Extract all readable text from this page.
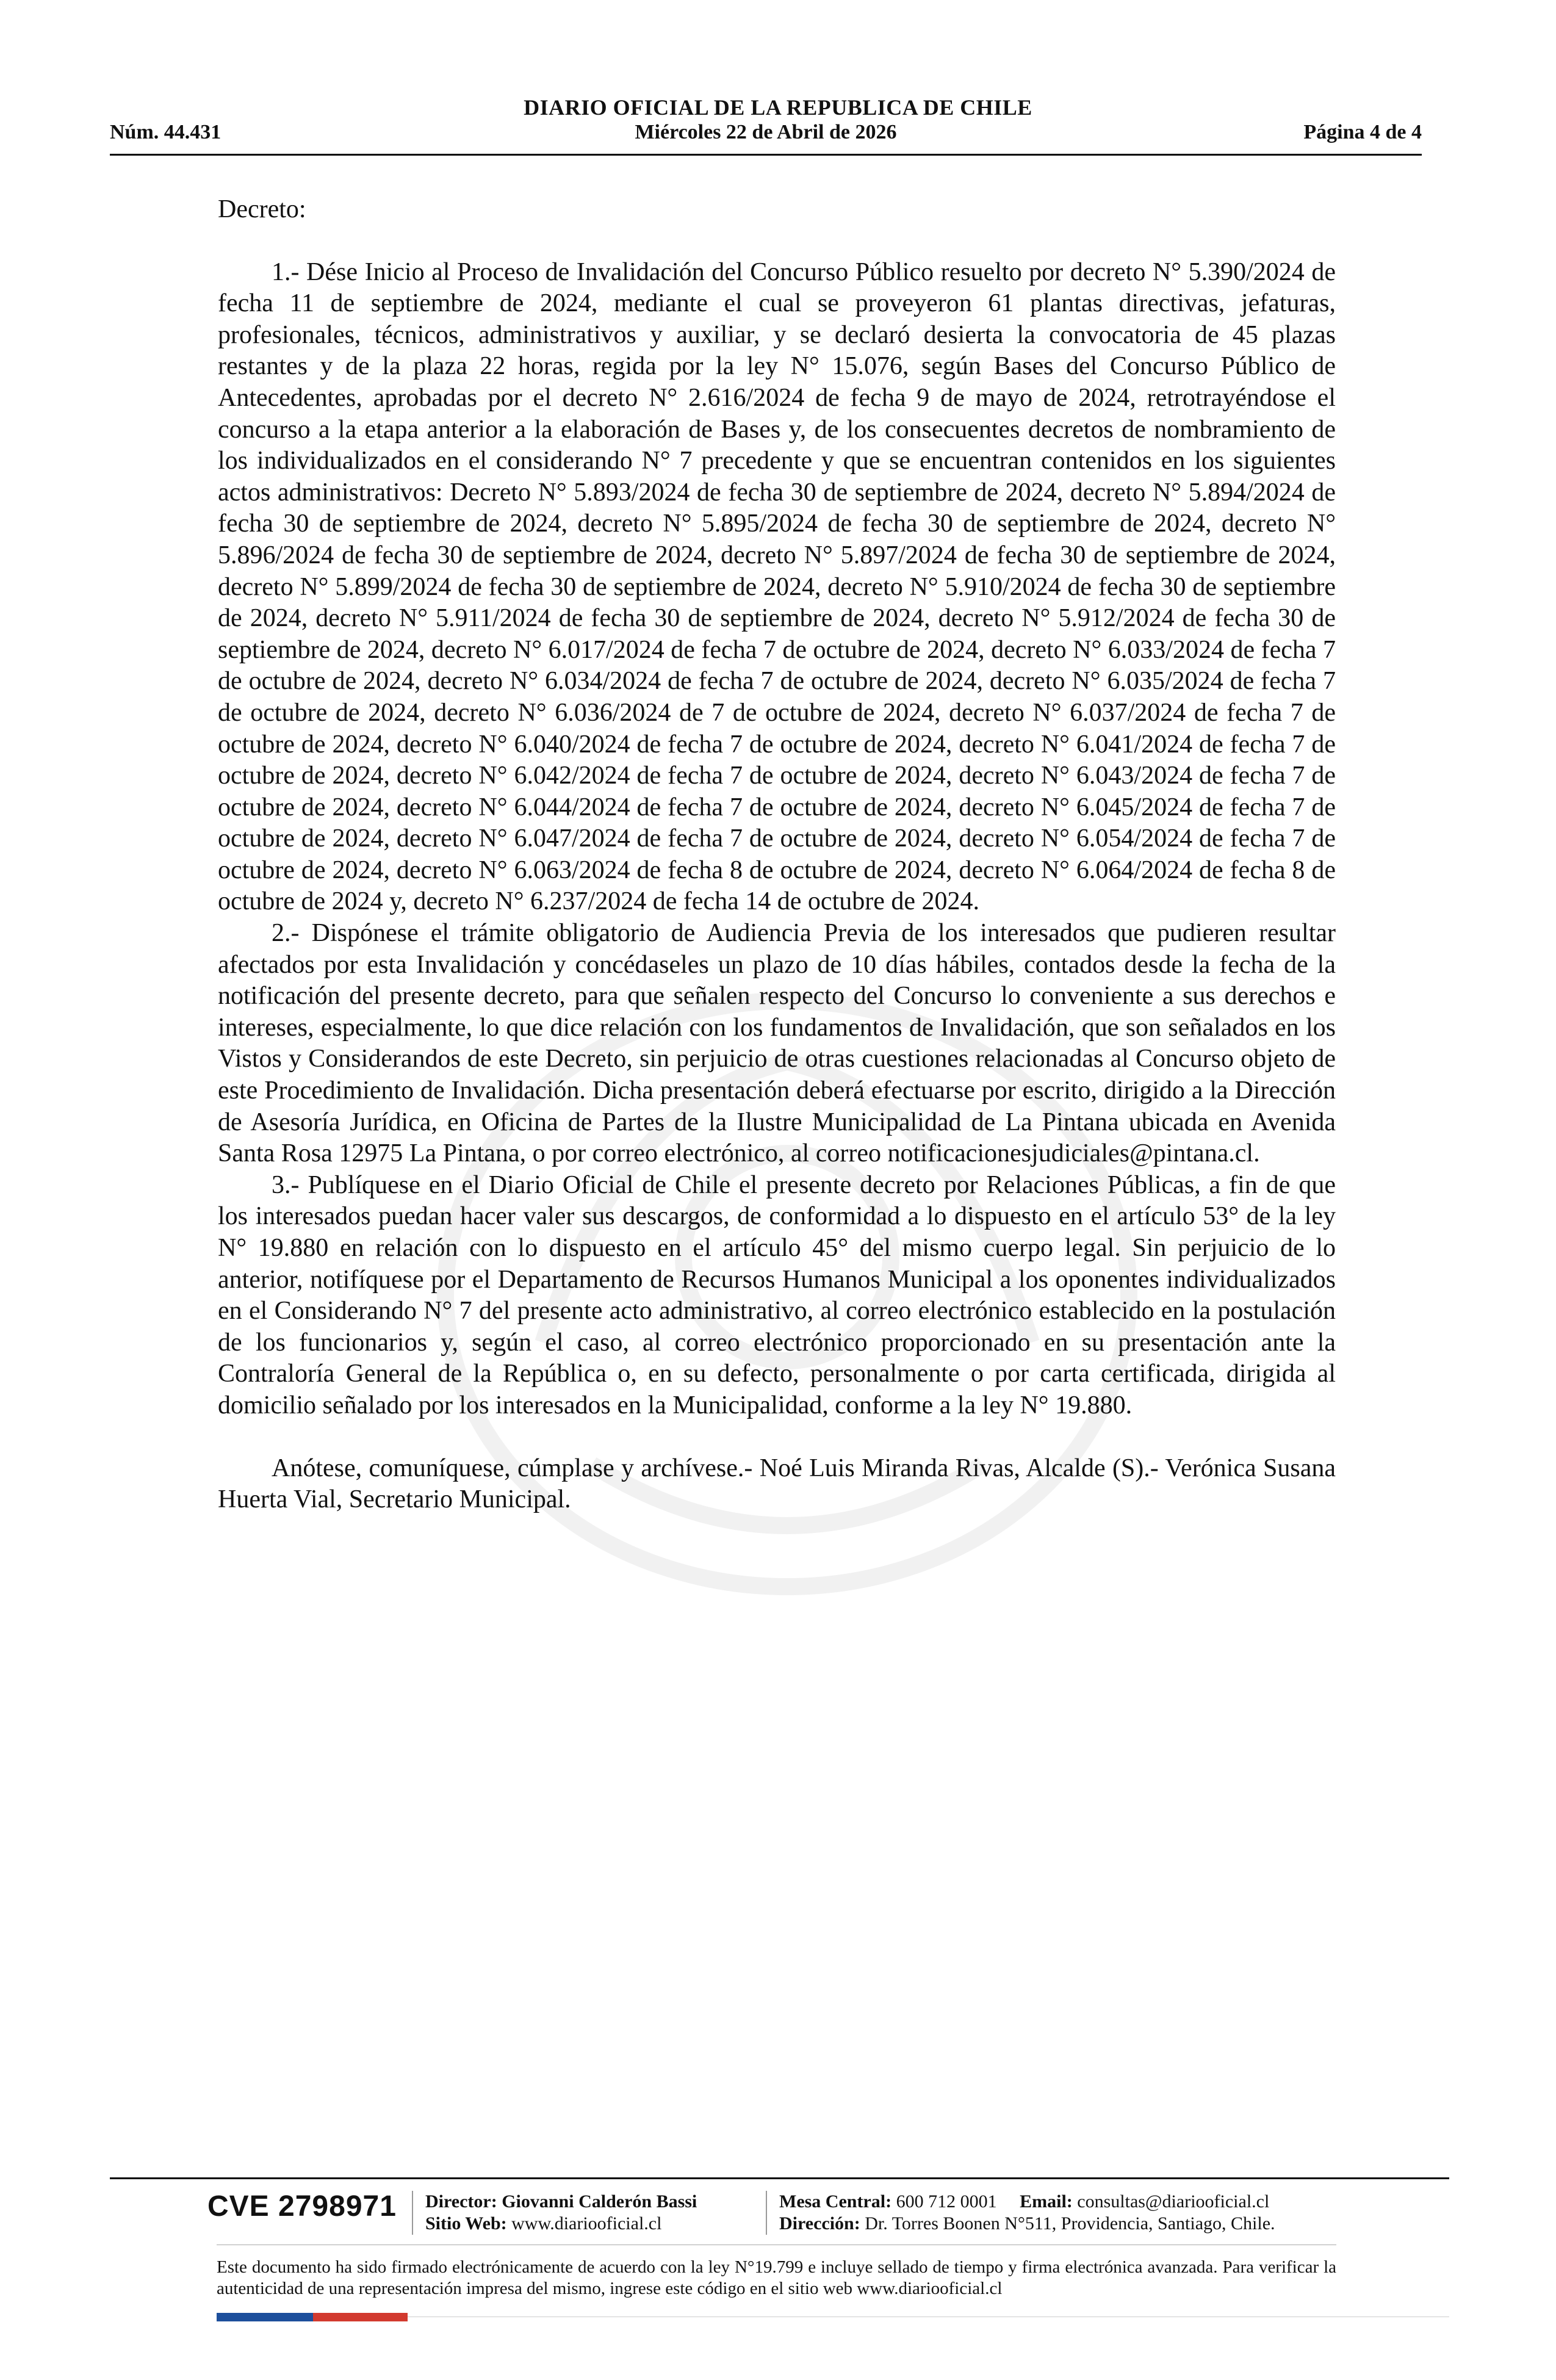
DIARIO OFICIAL DE LA REPUBLICA DE CHILE
Núm. 44.431	Miércoles 22 de Abril de 2026	Página 4 de 4

Decreto:

1.- Dése Inicio al Proceso de Invalidación del Concurso Público resuelto por decreto N° 5.390/2024 de fecha 11 de septiembre de 2024, mediante el cual se proveyeron 61 plantas directivas, jefaturas, profesionales, técnicos, administrativos y auxiliar, y se declaró desierta la convocatoria de 45 plazas restantes y de la plaza 22 horas, regida por la ley N° 15.076, según Bases del Concurso Público de Antecedentes, aprobadas por el decreto N° 2.616/2024 de fecha 9 de mayo de 2024, retrotrayéndose el concurso a la etapa anterior a la elaboración de Bases y, de los consecuentes decretos de nombramiento de los individualizados en el considerando N° 7 precedente y que se encuentran contenidos en los siguientes actos administrativos: Decreto N° 5.893/2024 de fecha 30 de septiembre de 2024, decreto N° 5.894/2024 de fecha 30 de septiembre de 2024, decreto N° 5.895/2024 de fecha 30 de septiembre de 2024, decreto N° 5.896/2024 de fecha 30 de septiembre de 2024, decreto N° 5.897/2024 de fecha 30 de septiembre de 2024, decreto N° 5.899/2024 de fecha 30 de septiembre de 2024, decreto N° 5.910/2024 de fecha 30 de septiembre de 2024, decreto N° 5.911/2024 de fecha 30 de septiembre de 2024, decreto N° 5.912/2024 de fecha 30 de septiembre de 2024, decreto N° 6.017/2024 de fecha 7 de octubre de 2024, decreto N° 6.033/2024 de fecha 7 de octubre de 2024, decreto N° 6.034/2024 de fecha 7 de octubre de 2024, decreto N° 6.035/2024 de fecha 7 de octubre de 2024, decreto N° 6.036/2024 de 7 de octubre de 2024, decreto N° 6.037/2024 de fecha 7 de octubre de 2024, decreto N° 6.040/2024 de fecha 7 de octubre de 2024, decreto N° 6.041/2024 de fecha 7 de octubre de 2024, decreto N° 6.042/2024 de fecha 7 de octubre de 2024, decreto N° 6.043/2024 de fecha 7 de octubre de 2024, decreto N° 6.044/2024 de fecha 7 de octubre de 2024, decreto N° 6.045/2024 de fecha 7 de octubre de 2024, decreto N° 6.047/2024 de fecha 7 de octubre de 2024, decreto N° 6.054/2024 de fecha 7 de octubre de 2024, decreto N° 6.063/2024 de fecha 8 de octubre de 2024, decreto N° 6.064/2024 de fecha 8 de octubre de 2024 y, decreto N° 6.237/2024 de fecha 14 de octubre de 2024.

2.- Dispónese el trámite obligatorio de Audiencia Previa de los interesados que pudieren resultar afectados por esta Invalidación y concédaseles un plazo de 10 días hábiles, contados desde la fecha de la notificación del presente decreto, para que señalen respecto del Concurso lo conveniente a sus derechos e intereses, especialmente, lo que dice relación con los fundamentos de Invalidación, que son señalados en los Vistos y Considerandos de este Decreto, sin perjuicio de otras cuestiones relacionadas al Concurso objeto de este Procedimiento de Invalidación. Dicha presentación deberá efectuarse por escrito, dirigido a la Dirección de Asesoría Jurídica, en Oficina de Partes de la Ilustre Municipalidad de La Pintana ubicada en Avenida Santa Rosa 12975 La Pintana, o por correo electrónico, al correo notificacionesjudiciales@pintana.cl.

3.- Publíquese en el Diario Oficial de Chile el presente decreto por Relaciones Públicas, a fin de que los interesados puedan hacer valer sus descargos, de conformidad a lo dispuesto en el artículo 53° de la ley N° 19.880 en relación con lo dispuesto en el artículo 45° del mismo cuerpo legal. Sin perjuicio de lo anterior, notifíquese por el Departamento de Recursos Humanos Municipal a los oponentes individualizados en el Considerando N° 7 del presente acto administrativo, al correo electrónico establecido en la postulación de los funcionarios y, según el caso, al correo electrónico proporcionado en su presentación ante la Contraloría General de la República o, en su defecto, personalmente o por carta certificada, dirigida al domicilio señalado por los interesados en la Municipalidad, conforme a la ley N° 19.880.

Anótese, comuníquese, cúmplase y archívese.- Noé Luis Miranda Rivas, Alcalde (S).- Verónica Susana Huerta Vial, Secretario Municipal.

CVE 2798971 Director: Giovanni Calderón Bassi
Sitio Web: www.diariooficial.cl
Mesa Central: 600 712 0001 Email: consultas@diariooficial.cl
Dirección: Dr. Torres Boonen N°511, Providencia, Santiago, Chile.
Este documento ha sido firmado electrónicamente de acuerdo con la ley N°19.799 e incluye sellado de tiempo y firma electrónica avanzada. Para verificar la autenticidad de una representación impresa del mismo, ingrese este código en el sitio web www.diariooficial.cl
